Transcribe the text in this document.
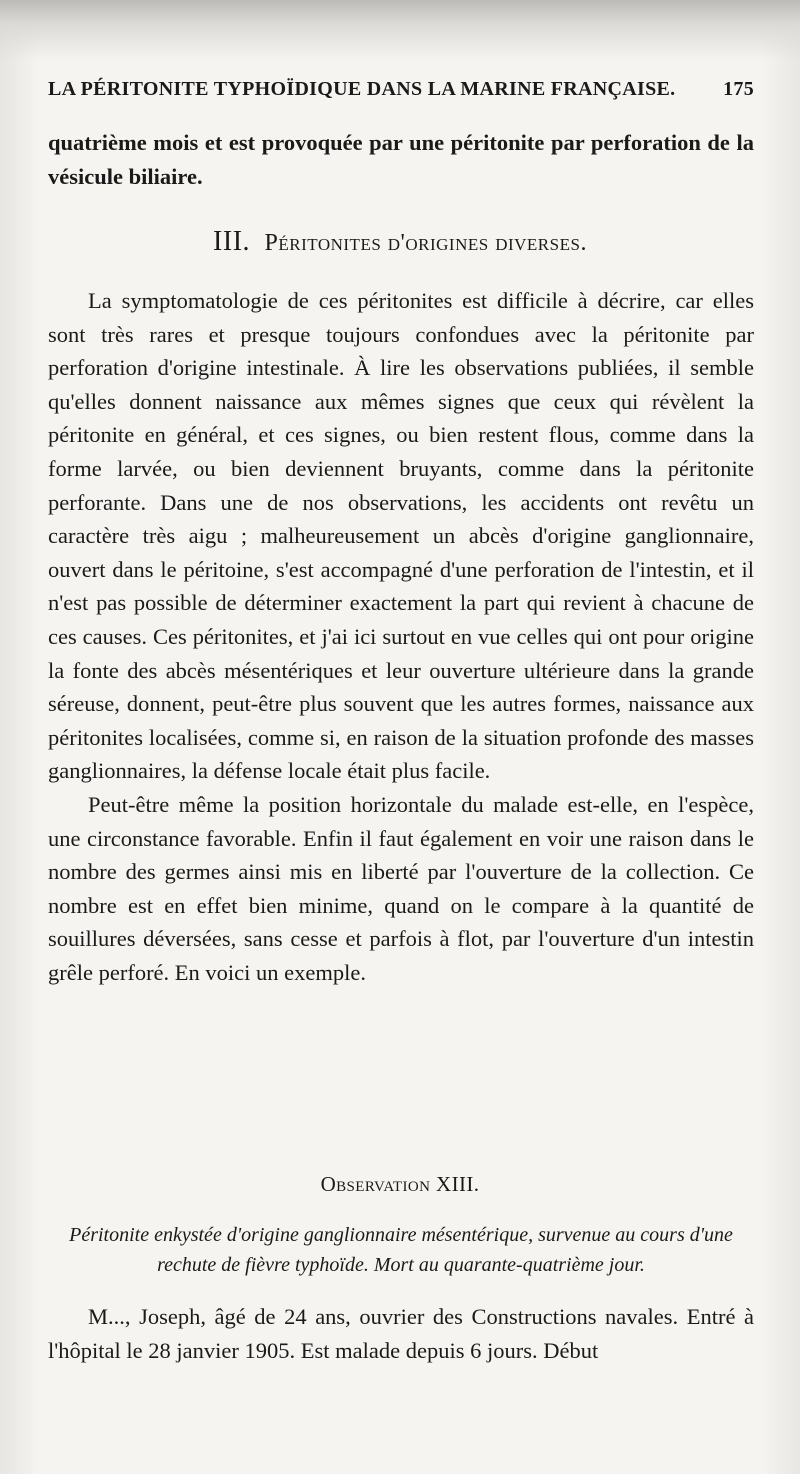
LA PÉRITONITE TYPHOÏDIQUE DANS LA MARINE FRANÇAISE. 175

quatrième mois et est provoquée par une péritonite par perforation de la vésicule biliaire.

III. Péritonites d'origines diverses.

La symptomatologie de ces péritonites est difficile à décrire, car elles sont très rares et presque toujours confondues avec la péritonite par perforation d'origine intestinale. À lire les observations publiées, il semble qu'elles donnent naissance aux mêmes signes que ceux qui révèlent la péritonite en général, et ces signes, ou bien restent flous, comme dans la forme larvée, ou bien deviennent bruyants, comme dans la péritonite perforante. Dans une de nos observations, les accidents ont revêtu un caractère très aigu ; malheureusement un abcès d'origine ganglionnaire, ouvert dans le péritoine, s'est accompagné d'une perforation de l'intestin, et il n'est pas possible de déterminer exactement la part qui revient à chacune de ces causes. Ces péritonites, et j'ai ici surtout en vue celles qui ont pour origine la fonte des abcès mésentériques et leur ouverture ultérieure dans la grande séreuse, donnent, peut-être plus souvent que les autres formes, naissance aux péritonites localisées, comme si, en raison de la situation profonde des masses ganglionnaires, la défense locale était plus facile.

Peut-être même la position horizontale du malade est-elle, en l'espèce, une circonstance favorable. Enfin il faut également en voir une raison dans le nombre des germes ainsi mis en liberté par l'ouverture de la collection. Ce nombre est en effet bien minime, quand on le compare à la quantité de souillures déversées, sans cesse et parfois à flot, par l'ouverture d'un intestin grêle perforé. En voici un exemple.

Observation XIII.
Péritonite enkystée d'origine ganglionnaire mésentérique, survenue au cours d'une rechute de fièvre typhoïde. Mort au quarante-quatrième jour.

M..., Joseph, âgé de 24 ans, ouvrier des Constructions navales. Entré à l'hôpital le 28 janvier 1905. Est malade depuis 6 jours. Début
